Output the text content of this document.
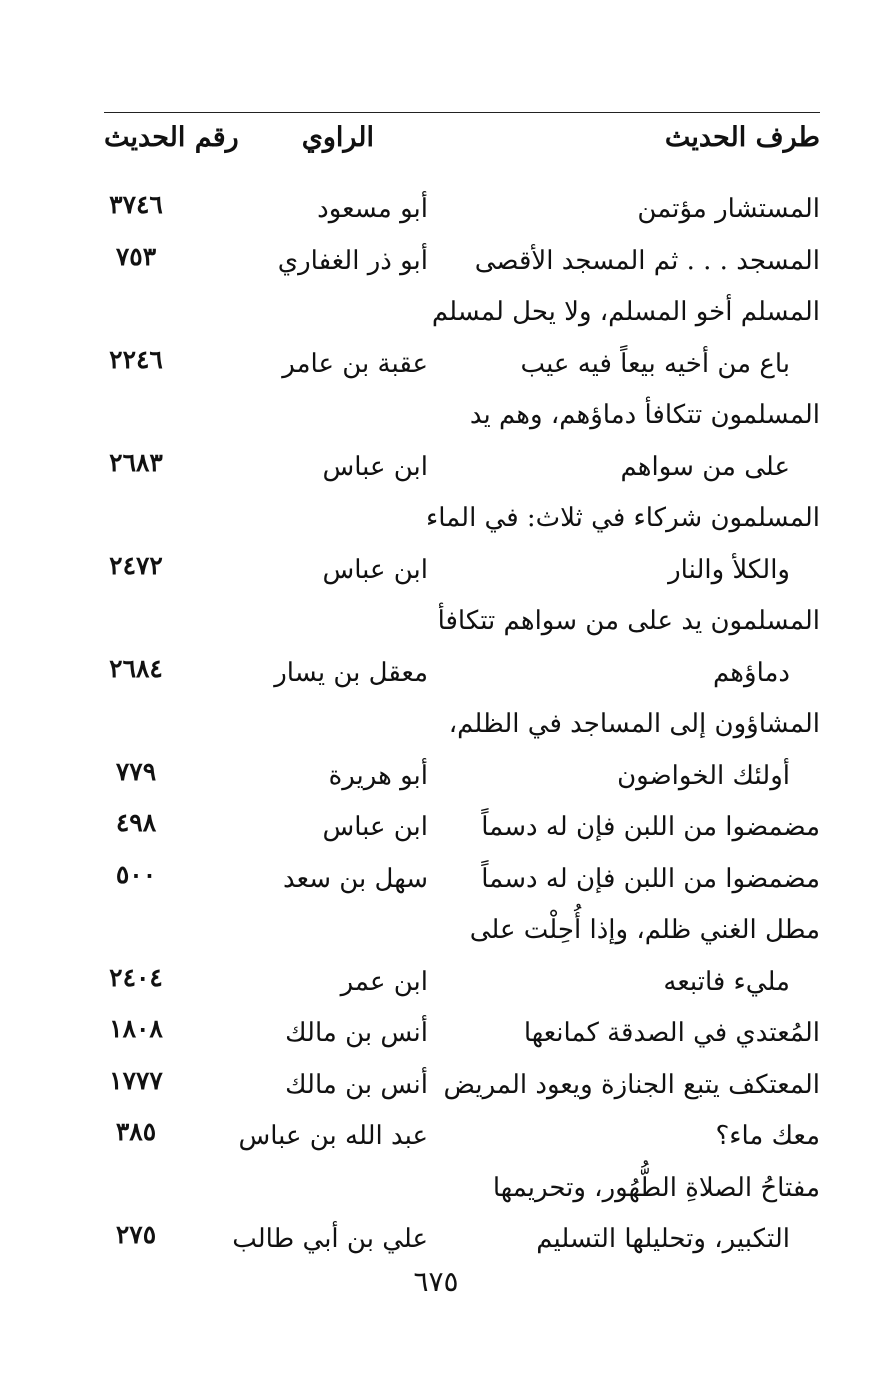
طرف الحديث
الراوي
رقم الحديث
المستشار مؤتمن
أبو مسعود
٣٧٤٦
المسجد . . . ثم المسجد الأقصى
أبو ذر الغفاري
٧٥٣
المسلم أخو المسلم، ولا يحل لمسلم
باع من أخيه بيعاً فيه عيب
عقبة بن عامر
٢٢٤٦
المسلمون تتكافأ دماؤهم، وهم يد
على من سواهم
ابن عباس
٢٦٨٣
المسلمون شركاء في ثلاث: في الماء
والكلأ والنار
ابن عباس
٢٤٧٢
المسلمون يد على من سواهم تتكافأ
دماؤهم
معقل بن يسار
٢٦٨٤
المشاؤون إلى المساجد في الظلم،
أولئك الخواضون
أبو هريرة
٧٧٩
مضمضوا من اللبن فإن له دسماً
ابن عباس
٤٩٨
مضمضوا من اللبن فإن له دسماً
سهل بن سعد
٥٠٠
مطل الغني ظلم، وإذا أُحِلْت على
مليء فاتبعه
ابن عمر
٢٤٠٤
المُعتدي في الصدقة كمانعها
أنس بن مالك
١٨٠٨
المعتكف يتبع الجنازة ويعود المريض
أنس بن مالك
١٧٧٧
معك ماء؟
عبد الله بن عباس
٣٨٥
مفتاحُ الصلاةِ الطُّهُور، وتحريمها
التكبير، وتحليلها التسليم
علي بن أبي طالب
٢٧٥
٦٧٥
